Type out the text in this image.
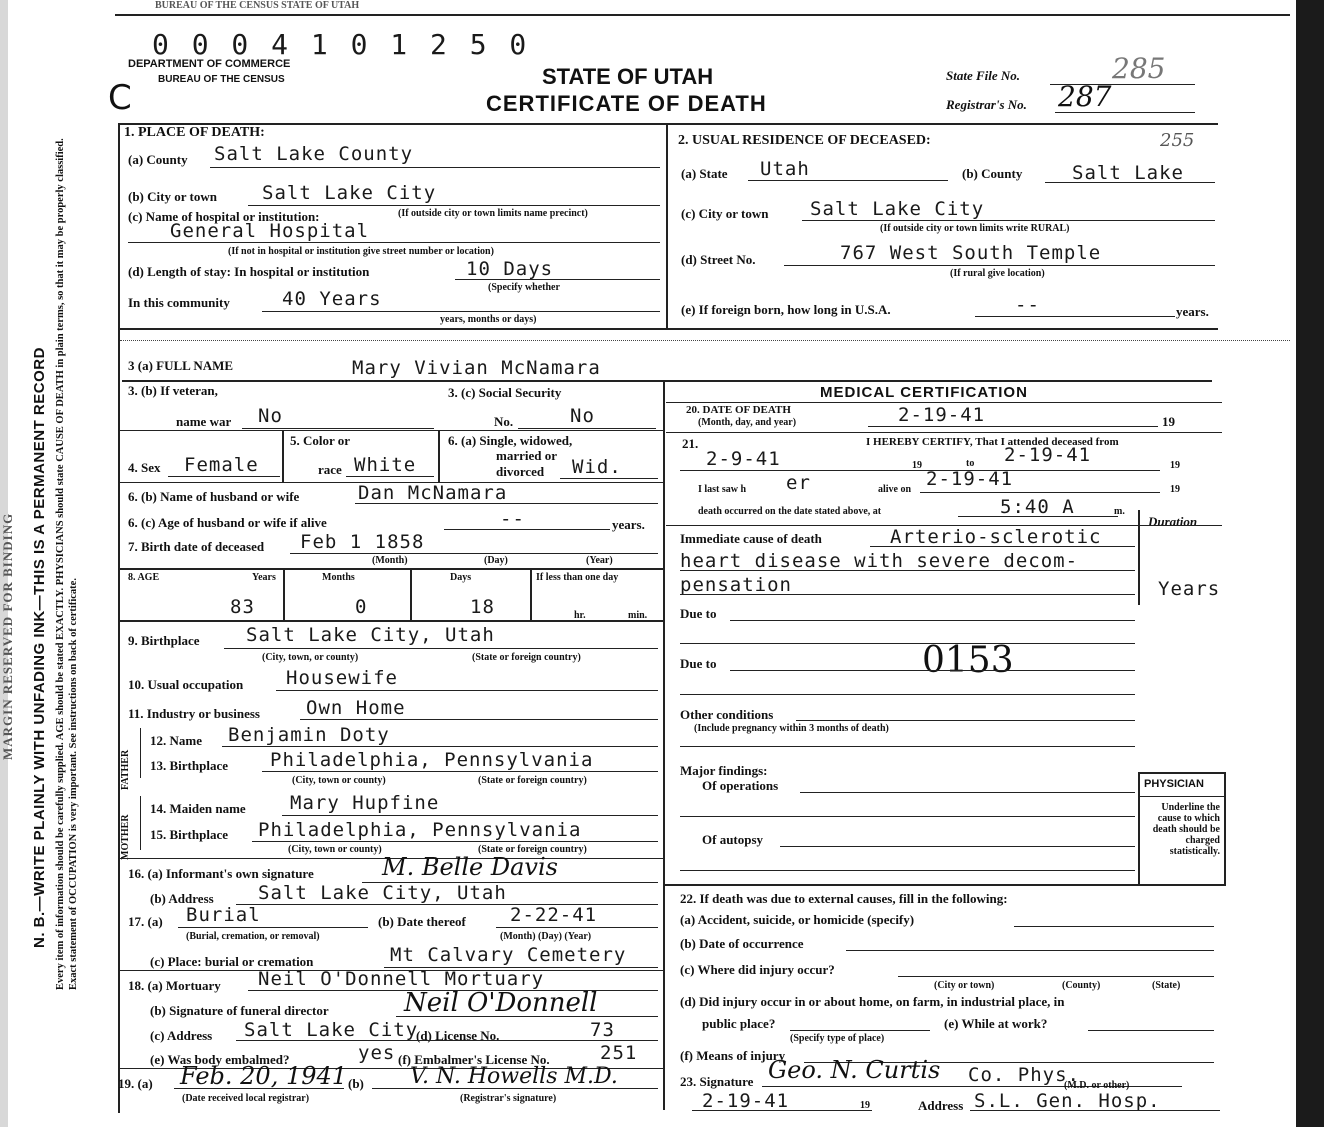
BUREAU OF THE CENSUS STATE OF UTAH
N. B.—WRITE PLAINLY WITH UNFADING INK—THIS IS A PERMANENT RECORD
MARGIN RESERVED FOR BINDING	Every item of information should be carefully supplied. AGE should be stated EXACTLY. PHYSICIANS should state CAUSE OF DEATH in plain terms, so that it may be properly classified. Exact statement of OCCUPATION is very important. See instructions on back of certificate.
0 0 0 4 1 0 1 2 5 0
C
DEPARTMENT OF COMMERCE
BUREAU OF THE CENSUS	STATE OF UTAH
CERTIFICATE OF DEATH
State File No.	285
Registrar's No. 287
1. PLACE OF DEATH:
(a) County Salt Lake County
(b) City or town Salt Lake City
(c) Name of hospital or institution:	(If outside city or town limits name precinct)
General Hospital
(If not in hospital or institution give street number or location)
(d) Length of stay: In hospital or institution	10 Days
(Specify whether
In this community	40 Years
years, months or days)
2. USUAL RESIDENCE OF DECEASED:	255
(a) State Utah	(b) County	Salt Lake
(c) City or town Salt Lake City
(If outside city or town limits write RURAL)
(d) Street No.	767 West South Temple
(If rural give location)
(e) If foreign born, how long in U.S.A.	--	years.
3 (a) FULL NAME	Mary Vivian McNamara
3. (b) If veteran,
name war No
3. (c) Social Security
No.	No
4. Sex Female
5. Color or
race White
6. (a) Single, widowed,
married or
divorced Wid.
6. (b) Name of husband or wife	Dan McNamara
6. (c) Age of husband or wife if alive	--	years.
7. Birth date of deceased Feb 1 1858
(Month)	(Day)	(Year)
8. AGE	Years	Months	Days	If less than one day
83	0	18	hr.	min.
9. Birthplace Salt Lake City, Utah
(City, town, or county)	(State or foreign country)
10. Usual occupation Housewife
11. Industry or business Own Home
FATHER
MOTHER
12. Name Benjamin Doty
13. Birthplace Philadelphia, Pennsylvania
(City, town or county)	(State or foreign country)
14. Maiden name Mary Hupfine
15. Birthplace Philadelphia, Pennsylvania
(City, town or county)	(State or foreign country)
16. (a) Informant's own signature	M. Belle Davis
(b) Address Salt Lake City, Utah
17. (a) Burial	(b) Date thereof 2-22-41
(Burial, cremation, or removal)	(Month) (Day) (Year)
(c) Place: burial or cremation	Mt Calvary Cemetery
18. (a) Mortuary Neil O'Donnell Mortuary
(b) Signature of funeral director	Neil O'Donnell
(c) Address Salt Lake City
(d) License No.	73
(e) Was body embalmed?	yes (f) Embalmer's License No.	251
19. (a) Feb. 20, 1941
(Date received local registrar)
(b) V. N. Howells M.D.
(Registrar's signature)
MEDICAL CERTIFICATION
20. DATE OF DEATH
(Month, day, and year)	2-19-41	19
21.	I HEREBY CERTIFY, That I attended deceased from
2-9-41	19	to 2-19-41	19
I last saw h er	alive on 2-19-41	19
death occurred on the date stated above, at	5:40 A	m.
Duration
Years
Immediate cause of death	Arterio-sclerotic
heart disease with severe decom-
pensation
Due to
Due to	0153
Other conditions
(Include pregnancy within 3 months of death)
Major findings:
Of operations
Of autopsy
PHYSICIAN
Underline the cause to which death should be charged statistically.
22. If death was due to external causes, fill in the following:
(a) Accident, suicide, or homicide (specify)
(b) Date of occurrence
(c) Where did injury occur?
(City or town)	(County)	(State)
(d) Did injury occur in or about home, on farm, in industrial place, in
public place?
(Specify type of place)
(e) While at work?
(f) Means of injury
23. Signature Geo. N. Curtis Co. Phys.
(M.D. or other)
2-19-41	19	Address S.L. Gen. Hosp.
